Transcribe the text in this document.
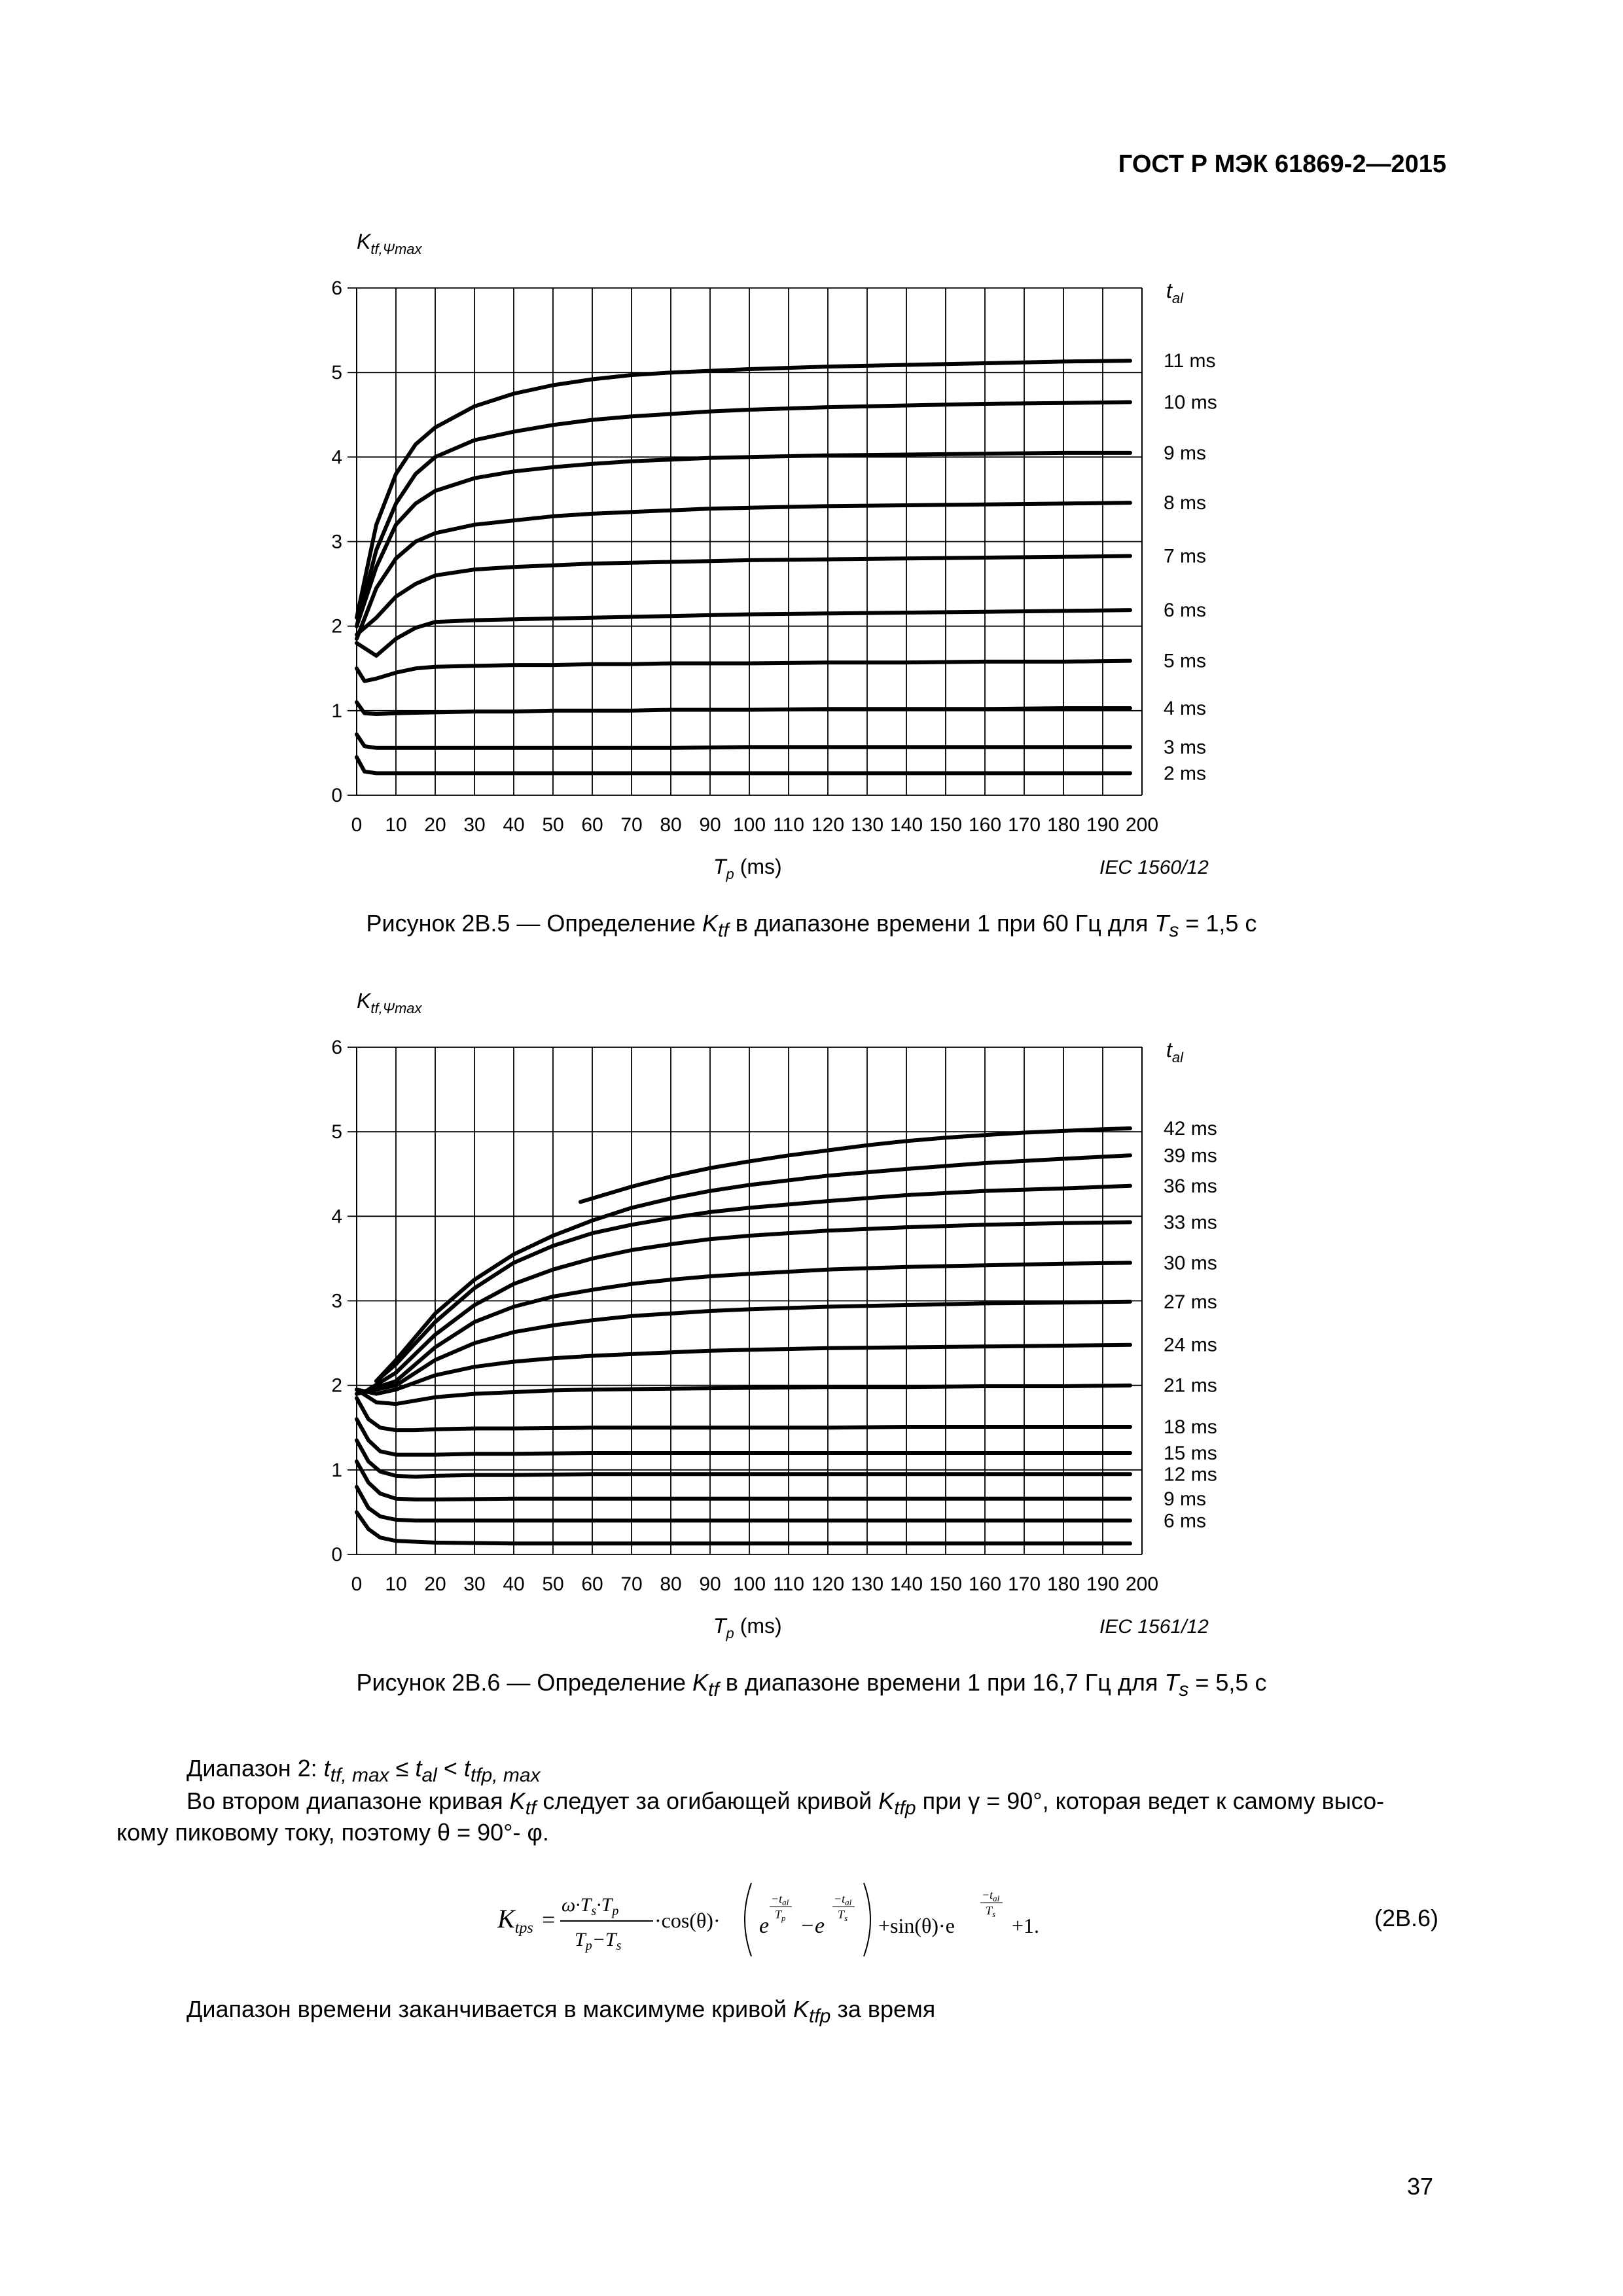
ГОСТ Р МЭК 61869-2—2015
$K_{tf,\Psi max}$
$t_{al}$
0
1
2
3
4
5
6
0 10 20 30 40 50 60 70 80 90 100 110 120 130 140 150 160 170 180 190 200
11 ms
10 ms
9 ms
8 ms
7 ms
6 ms
5 ms
4 ms
3 ms
2 ms
$T_p$ (ms)	IEC 1560/12
Рисунок 2В.5 — Определение $K_{tf}$ в диапазоне времени 1 при 60 Гц для $T_s = 1,5$ с
$K_{tf,\Psi max}$
$t_{al}$
0
1
2
3
4
5
6
0 10 20 30 40 50 60 70 80 90 100 110 120 130 140 150 160 170 180 190 200
42 ms
39 ms
36 ms
33 ms
30 ms
27 ms
24 ms
21 ms
18 ms
15 ms
12 ms
9 ms
6 ms
$T_p$ (ms)	IEC 1561/12
Рисунок 2В.6 — Определение $K_{tf}$ в диапазоне времени 1 при 16,7 Гц для $T_s = 5,5$ с
Диапазон 2: $t_{tf, max} \le t_{al} < t_{tfp, max}$
Во втором диапазоне кривая $K_{tf}$ следует за огибающей кривой $K_{tfp}$ при γ = 90°, которая ведет к самому высо-
кому пиковому току, поэтому θ = 90°- φ.
$K_{tps}$ =
$\omega\cdot T_s\cdot T_p$
$T_p-T_s$
·cos(θ)· e
$-t_{al}$
$T_p -e$
$-t_{al}$
$T_s +\sin(\theta)\cdot e$
$-t_{al}$
$T_s +1$.	(2В.6)
Диапазон времени заканчивается в максимуме кривой $K_{tfp}$ за время
37
